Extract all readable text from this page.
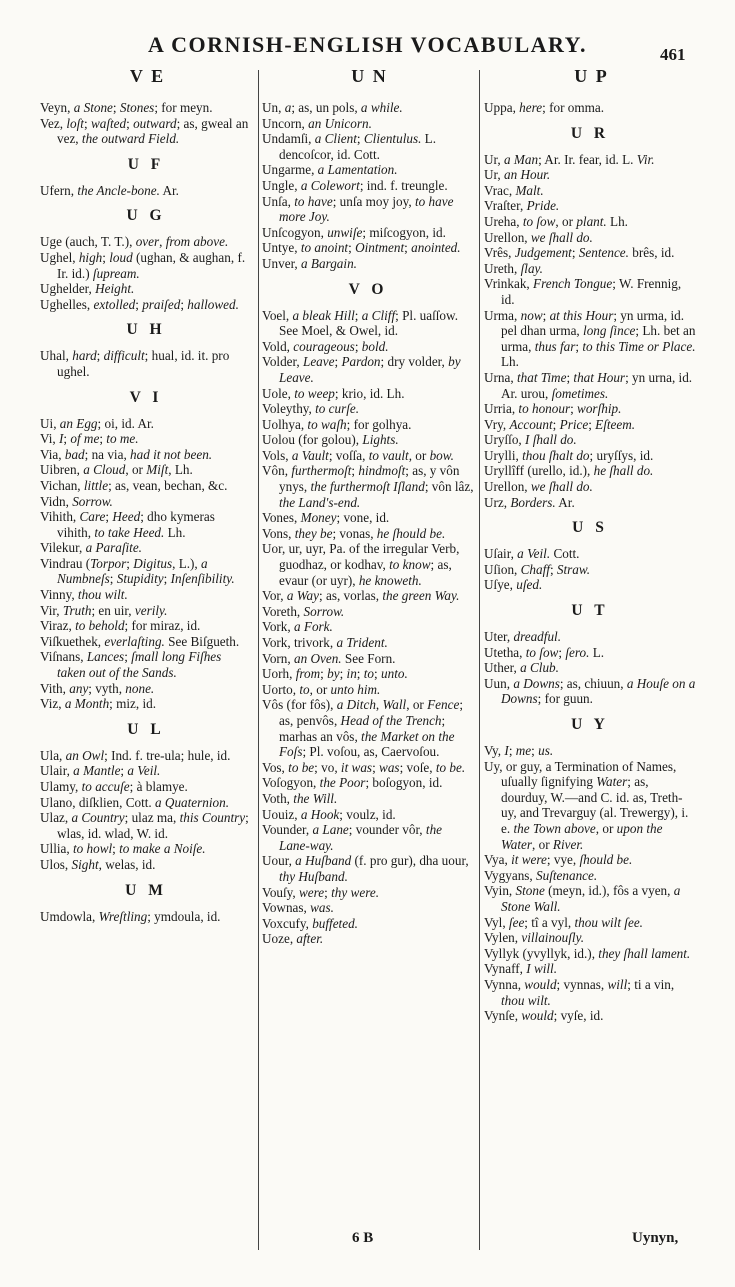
A CORNISH-ENGLISH VOCABULARY.	461
V E	U N	U P
Veyn, a Stone; Stones; for meyn.
Vez, loſt; waſted; outward; as, gweal an vez, the outward Field.
U F
Ufern, the Ancle-bone. Ar.
U G
Uge (auch, T. T.), over, from above.
Ughel, high; loud (ughan, & aughan, f. Ir. id.) ſupream.
Ughelder, Height.
Ughelles, extolled; praiſed; hallowed.
U H
Uhal, hard; difficult; hual, id. it. pro ughel.
V I
Ui, an Egg; oi, id. Ar.
Vi, I; of me; to me.
Via, bad; na via, had it not been.
Uibren, a Cloud, or Miſt, Lh.
Vichan, little; as, vean, bechan, &c.
Vidn, Sorrow.
Vihith, Care; Heed; dho kymeras vihith, to take Heed. Lh.
Vilekur, a Paraſite.
Vindrau (Torpor; Digitus, L.), a Numbneſs; Stupidity; Inſenſibility.
Vinny, thou wilt.
Vir, Truth; en uir, verily.
Viraz, to behold; for miraz, id.
Viſkuethek, everlaſting. See Biſgueth.
Viſnans, Lances; ſmall long Fiſhes taken out of the Sands.
Vith, any; vyth, none.
Viz, a Month; miz, id.
U L
Ula, an Owl; Ind. f. tre-ula; hule, id.
Ulair, a Mantle; a Veil.
Ulamy, to accuſe; à blamye.
Ulano, diſklien, Cott. a Quaternion.
Ulaz, a Country; ulaz ma, this Country; wlas, id. wlad, W. id.
Ullia, to howl; to make a Noiſe.
Ulos, Sight, welas, id.
U M
Umdowla, Wreſtling; ymdoula, id.
Un, a; as, un pols, a while.
Uncorn, an Unicorn.
Undamſi, a Client; Clientulus. L. dencoſcor, id. Cott.
Ungarme, a Lamentation.
Ungle, a Colewort; ind. f. treungle.
Unſa, to have; unſa moy joy, to have more Joy.
Unſcogyon, unwiſe; miſcogyon, id.
Untye, to anoint; Ointment; anointed.
Unver, a Bargain.
V O
Voel, a bleak Hill; a Cliff; Pl. uaſſow. See Moel, & Owel, id.
Vold, courageous; bold.
Volder, Leave; Pardon; dry volder, by Leave.
Uole, to weep; krio, id. Lh.
Voleythy, to curſe.
Uolhya, to waſh; for golhya.
Uolou (for golou), Lights.
Vols, a Vault; voſſa, to vault, or bow.
Vôn, furthermoſt; hindmoſt; as, y vôn ynys, the furthermoſt Iſland; vôn lâz, the Land's-end.
Vones, Money; vone, id.
Vons, they be; vonas, he ſhould be.
Uor, ur, uyr, Pa. of the irregular Verb, guodhaz, or kodhav, to know; as, evaur (or uyr), he knoweth.
Vor, a Way; as, vorlas, the green Way.
Voreth, Sorrow.
Vork, a Fork.
Vork, trivork, a Trident.
Vorn, an Oven. See Forn.
Uorh, from; by; in; to; unto.
Uorto, to, or unto him.
Vôs (for fôs), a Ditch, Wall, or Fence; as, penvôs, Head of the Trench; marhas an vôs, the Market on the Foſs; Pl. voſou, as, Caervoſou.
Vos, to be; vo, it was; was; voſe, to be.
Voſogyon, the Poor; boſogyon, id.
Voth, the Will.
Uouiz, a Hook; voulz, id.
Vounder, a Lane; vounder vôr, the Lane-way.
Uour, a Huſband (f. pro gur), dha uour, thy Huſband.
Vouſy, were; thy were.
Vownas, was.
Voxcufy, buffeted.
Uoze, after.
Uppa, here; for omma.
U R
Ur, a Man; Ar. Ir. fear, id. L. Vir.
Ur, an Hour.
Vrac, Malt.
Vraſter, Pride.
Ureha, to ſow, or plant. Lh.
Urellon, we ſhall do.
Vrês, Judgement; Sentence. brês, id.
Ureth, ſlay.
Vrinkak, French Tongue; W. Frennig, id.
Urma, now; at this Hour; yn urma, id. pel dhan urma, long ſince; Lh. bet an urma, thus far; to this Time or Place. Lh.
Urna, that Time; that Hour; yn urna, id. Ar. urou, ſometimes.
Urria, to honour; worſhip.
Vry, Account; Price; Eſteem.
Uryſſo, I ſhall do.
Urylli, thou ſhalt do; uryſſys, id.
Uryllîff (urello, id.), he ſhall do.
Urellon, we ſhall do.
Urz, Borders. Ar.
U S
Uſair, a Veil. Cott.
Uſion, Chaff; Straw.
Uſye, uſed.
U T
Uter, dreadful.
Utetha, to ſow; ſero. L.
Uther, a Club.
Uun, a Downs; as, chiuun, a Houſe on a Downs; for guun.
U Y
Vy, I; me; us.
Uy, or guy, a Termination of Names, uſually ſignifying Water; as, dourduy, W.—and C. id. as, Treth-uy, and Trevarguy (al. Trewergy), i. e. the Town above, or upon the Water, or River.
Vya, it were; vye, ſhould be.
Vygyans, Suſtenance.
Vyin, Stone (meyn, id.), fôs a vyen, a Stone Wall.
Vyl, ſee; tî a vyl, thou wilt ſee.
Vylen, villainouſly.
Vyllyk (yvyllyk, id.), they ſhall lament.
Vynaff, I will.
Vynna, would; vynnas, will; ti a vin, thou wilt.
Vynſe, would; vyſe, id.
6 B	Uynyn,
